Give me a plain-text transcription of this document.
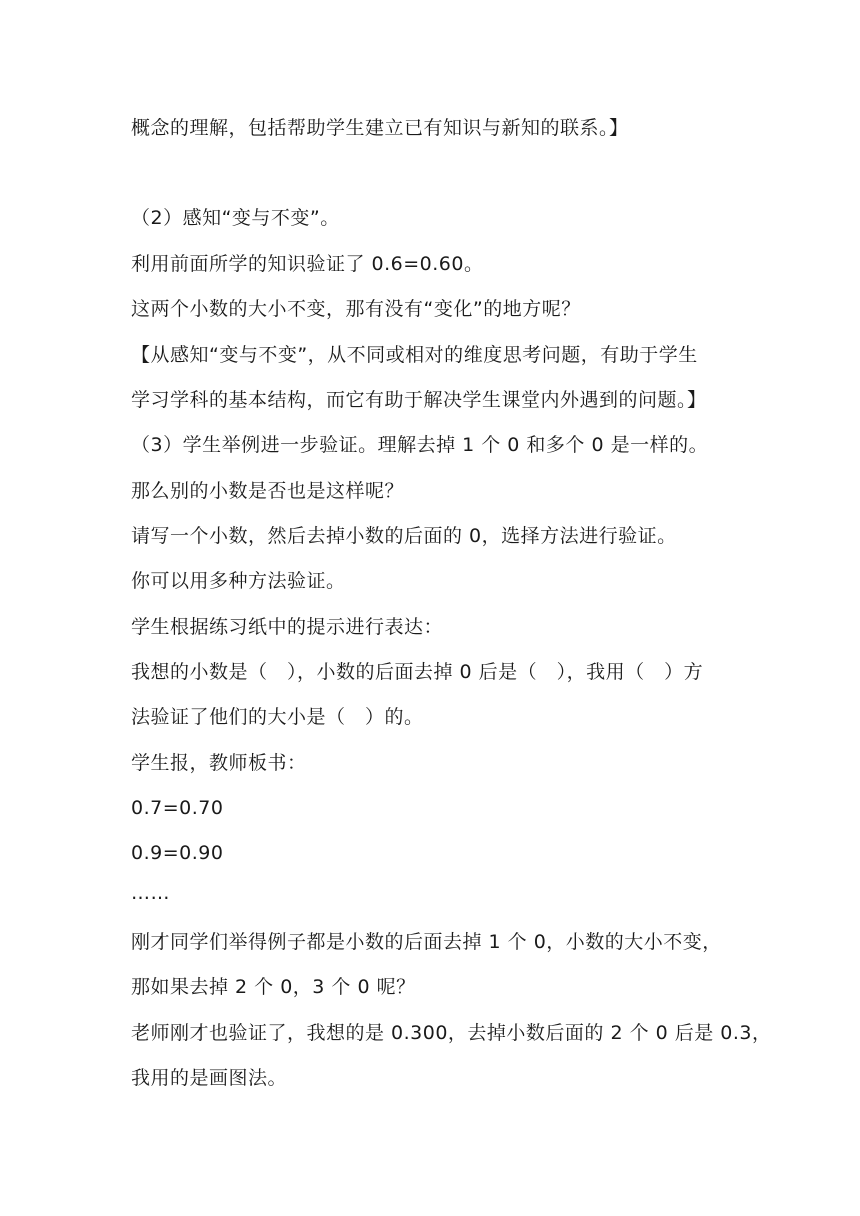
概念的理解，包括帮助学生建立已有知识与新知的联系。】
（2）感知“变与不变”。
利用前面所学的知识验证了 0.6=0.60。
这两个小数的大小不变，那有没有“变化”的地方呢？
【从感知“变与不变”，从不同或相对的维度思考问题，有助于学生
学习学科的基本结构，而它有助于解决学生课堂内外遇到的问题。】
（3）学生举例进一步验证。理解去掉 1 个 0 和多个 0 是一样的。
那么别的小数是否也是这样呢？
请写一个小数，然后去掉小数的后面的 0，选择方法进行验证。
你可以用多种方法验证。
学生根据练习纸中的提示进行表达：
我想的小数是（　），小数的后面去掉 0 后是（　），我用（　）方
法验证了他们的大小是（　）的。
学生报，教师板书：
0.7=0.70
0.9=0.90
……
刚才同学们举得例子都是小数的后面去掉 1 个 0，小数的大小不变，
那如果去掉 2 个 0，3 个 0 呢？
老师刚才也验证了，我想的是 0.300，去掉小数后面的 2 个 0 后是 0.3，
我用的是画图法。
